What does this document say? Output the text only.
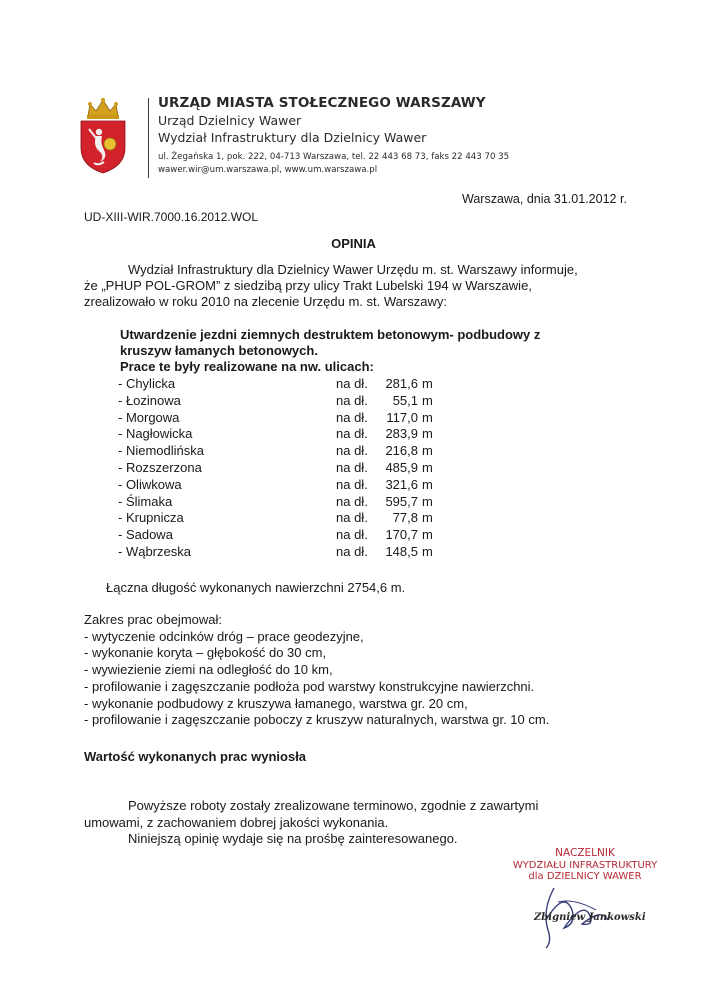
URZĄD MIASTA STOŁECZNEGO WARSZAWY
Urząd Dzielnicy Wawer
Wydział Infrastruktury dla Dzielnicy Wawer
ul. Żegańska 1, pok. 222, 04-713 Warszawa, tel. 22 443 68 73, faks 22 443 70 35
wawer.wir@um.warszawa.pl, www.um.warszawa.pl
Warszawa, dnia 31.01.2012 r.
UD-XIII-WIR.7000.16.2012.WOL
OPINIA
Wydział Infrastruktury dla Dzielnicy Wawer Urzędu m. st. Warszawy informuje,
że „PHUP POL-GROM” z siedzibą przy ulicy Trakt Lubelski 194 w Warszawie,
zrealizowało w roku 2010 na zlecenie Urzędu m. st. Warszawy:
Utwardzenie jezdni ziemnych destruktem betonowym- podbudowy z
kruszyw łamanych betonowych.
Prace te były realizowane na nw. ulicach:
- Chylicka	na dł.	281,6 m
- Łozinowa	na dł.	55,1 m
- Morgowa	na dł.	117,0 m
- Nagłowicka	na dł.	283,9 m
- Niemodlińska	na dł.	216,8 m
- Rozszerzona	na dł.	485,9 m
- Oliwkowa	na dł.	321,6 m
- Ślimaka	na dł.	595,7 m
- Krupnicza	na dł.	77,8 m
- Sadowa	na dł.	170,7 m
- Wąbrzeska	na dł.	148,5 m
Łączna długość wykonanych nawierzchni 2754,6 m.
Zakres prac obejmował:
- wytyczenie odcinków dróg – prace geodezyjne,
- wykonanie koryta – głębokość do 30 cm,
- wywiezienie ziemi na odległość do 10 km,
- profilowanie i zagęszczanie podłoża pod warstwy konstrukcyjne nawierzchni.
- wykonanie podbudowy z kruszywa łamanego, warstwa gr. 20 cm,
- profilowanie i zagęszczanie poboczy z kruszyw naturalnych, warstwa gr. 10 cm.
Wartość wykonanych prac wyniosła
Powyższe roboty zostały zrealizowane terminowo, zgodnie z zawartymi
umowami, z zachowaniem dobrej jakości wykonania.
Niniejszą opinię wydaje się na prośbę zainteresowanego.
NACZELNIK
WYDZIAŁU INFRASTRUKTURY
dla DZIELNICY WAWER
Zbigniew Jankowski
